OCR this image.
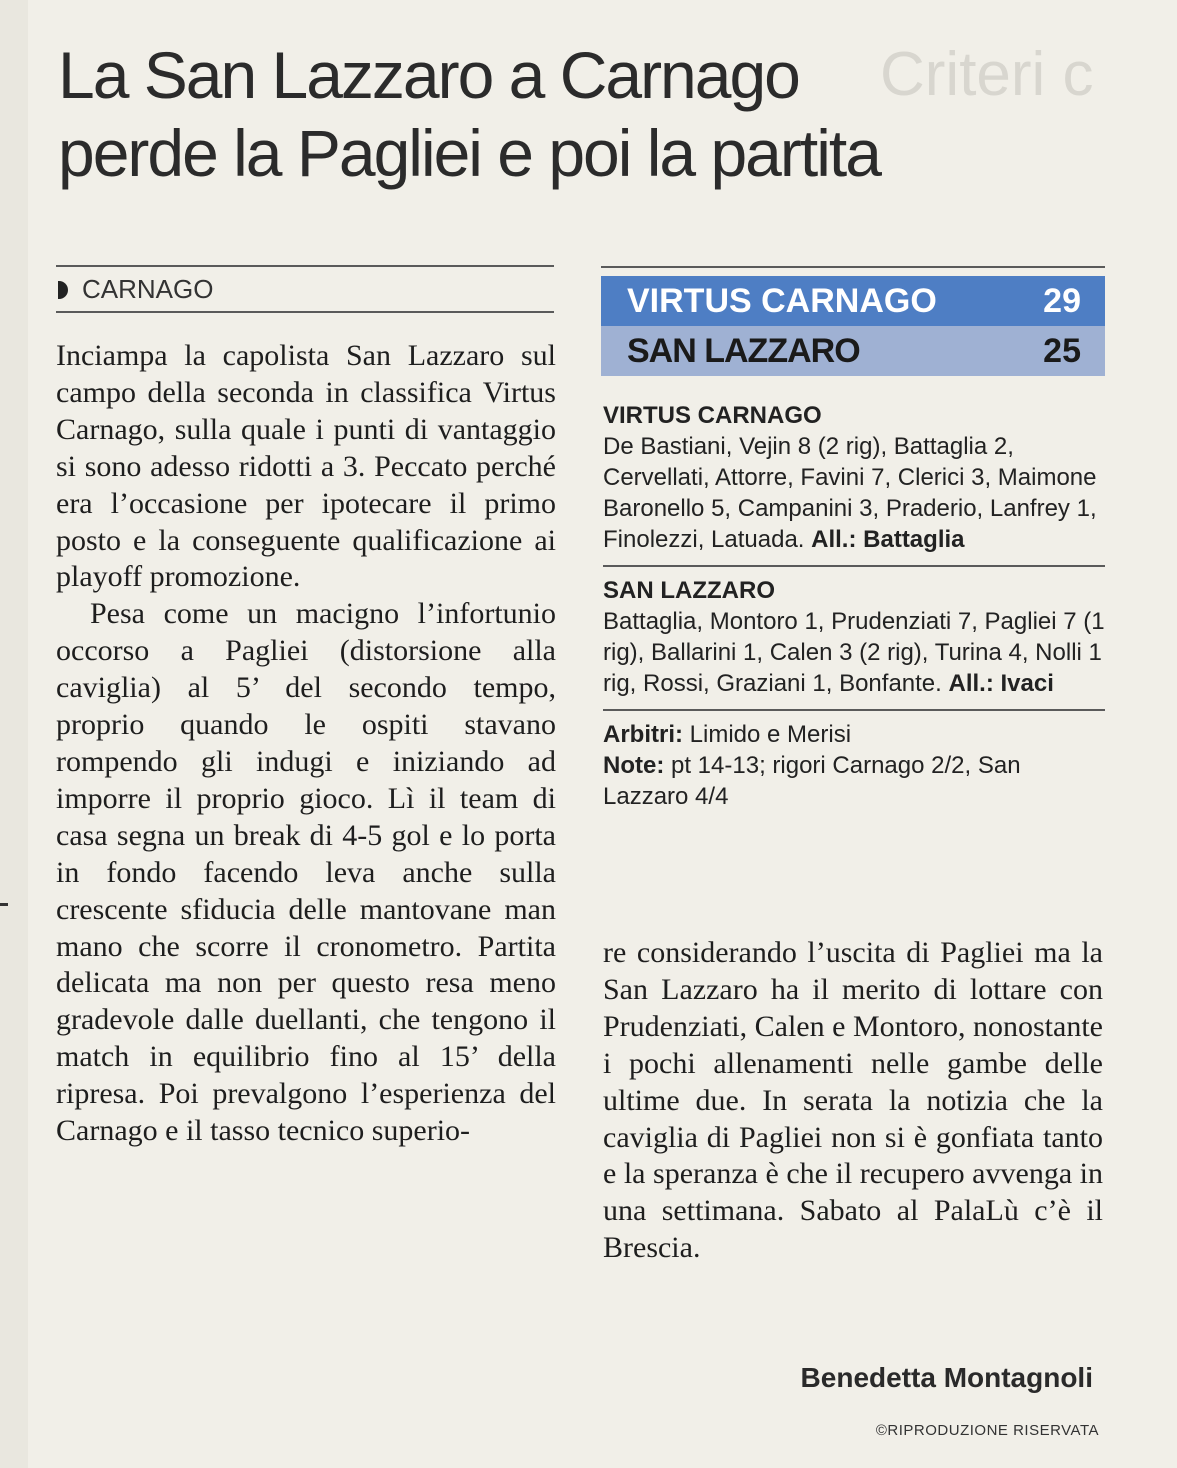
Criteri c
La San Lazzaro a Carnago
perde la Pagliei e poi la partita
CARNAGO

Inciampa la capolista San Lazzaro sul campo della seconda in classifica Virtus Carnago, sulla quale i punti di vantaggio si sono adesso ridotti a 3. Peccato perché era l’occasione per ipotecare il primo posto e la conseguente qualificazione ai playoff promozione.

Pesa come un macigno l’infortunio occorso a Pagliei (distorsione alla caviglia) al 5’ del secondo tempo, proprio quando le ospiti stavano rompendo gli indugi e iniziando ad imporre il proprio gioco. Lì il team di casa segna un break di 4-5 gol e lo porta in fondo facendo leva anche sulla crescente sfiducia delle mantovane man mano che scorre il cronometro. Partita delicata ma non per questo resa meno gradevole dalle duellanti, che tengono il match in equilibrio fino al 15’ della ripresa. Poi prevalgono l’esperienza del Carnago e il tasso tecnico superio-

VIRTUS CARNAGO	29
SAN LAZZARO	25
VIRTUS CARNAGO
De Bastiani, Vejin 8 (2 rig), Battaglia 2, Cervellati, Attorre, Favini 7, Clerici 3, Maimone Baronello 5, Campanini 3, Praderio, Lanfrey 1, Finolezzi, Latuada. All.: Battaglia
SAN LAZZARO
Battaglia, Montoro 1, Prudenziati 7, Pagliei 7 (1 rig), Ballarini 1, Calen 3 (2 rig), Turina 4, Nolli 1 rig, Rossi, Graziani 1, Bonfante. All.: Ivaci
Arbitri: Limido e Merisi
Note: pt 14-13; rigori Carnago 2/2, San Lazzaro 4/4

re considerando l’uscita di Pagliei ma la San Lazzaro ha il merito di lottare con Prudenziati, Calen e Montoro, nonostante i pochi allenamenti nelle gambe delle ultime due. In serata la notizia che la caviglia di Pagliei non si è gonfiata tanto e la speranza è che il recupero avvenga in una settimana. Sabato al PalaLù c’è il Brescia.

Benedetta Montagnoli
©RIPRODUZIONE RISERVATA
